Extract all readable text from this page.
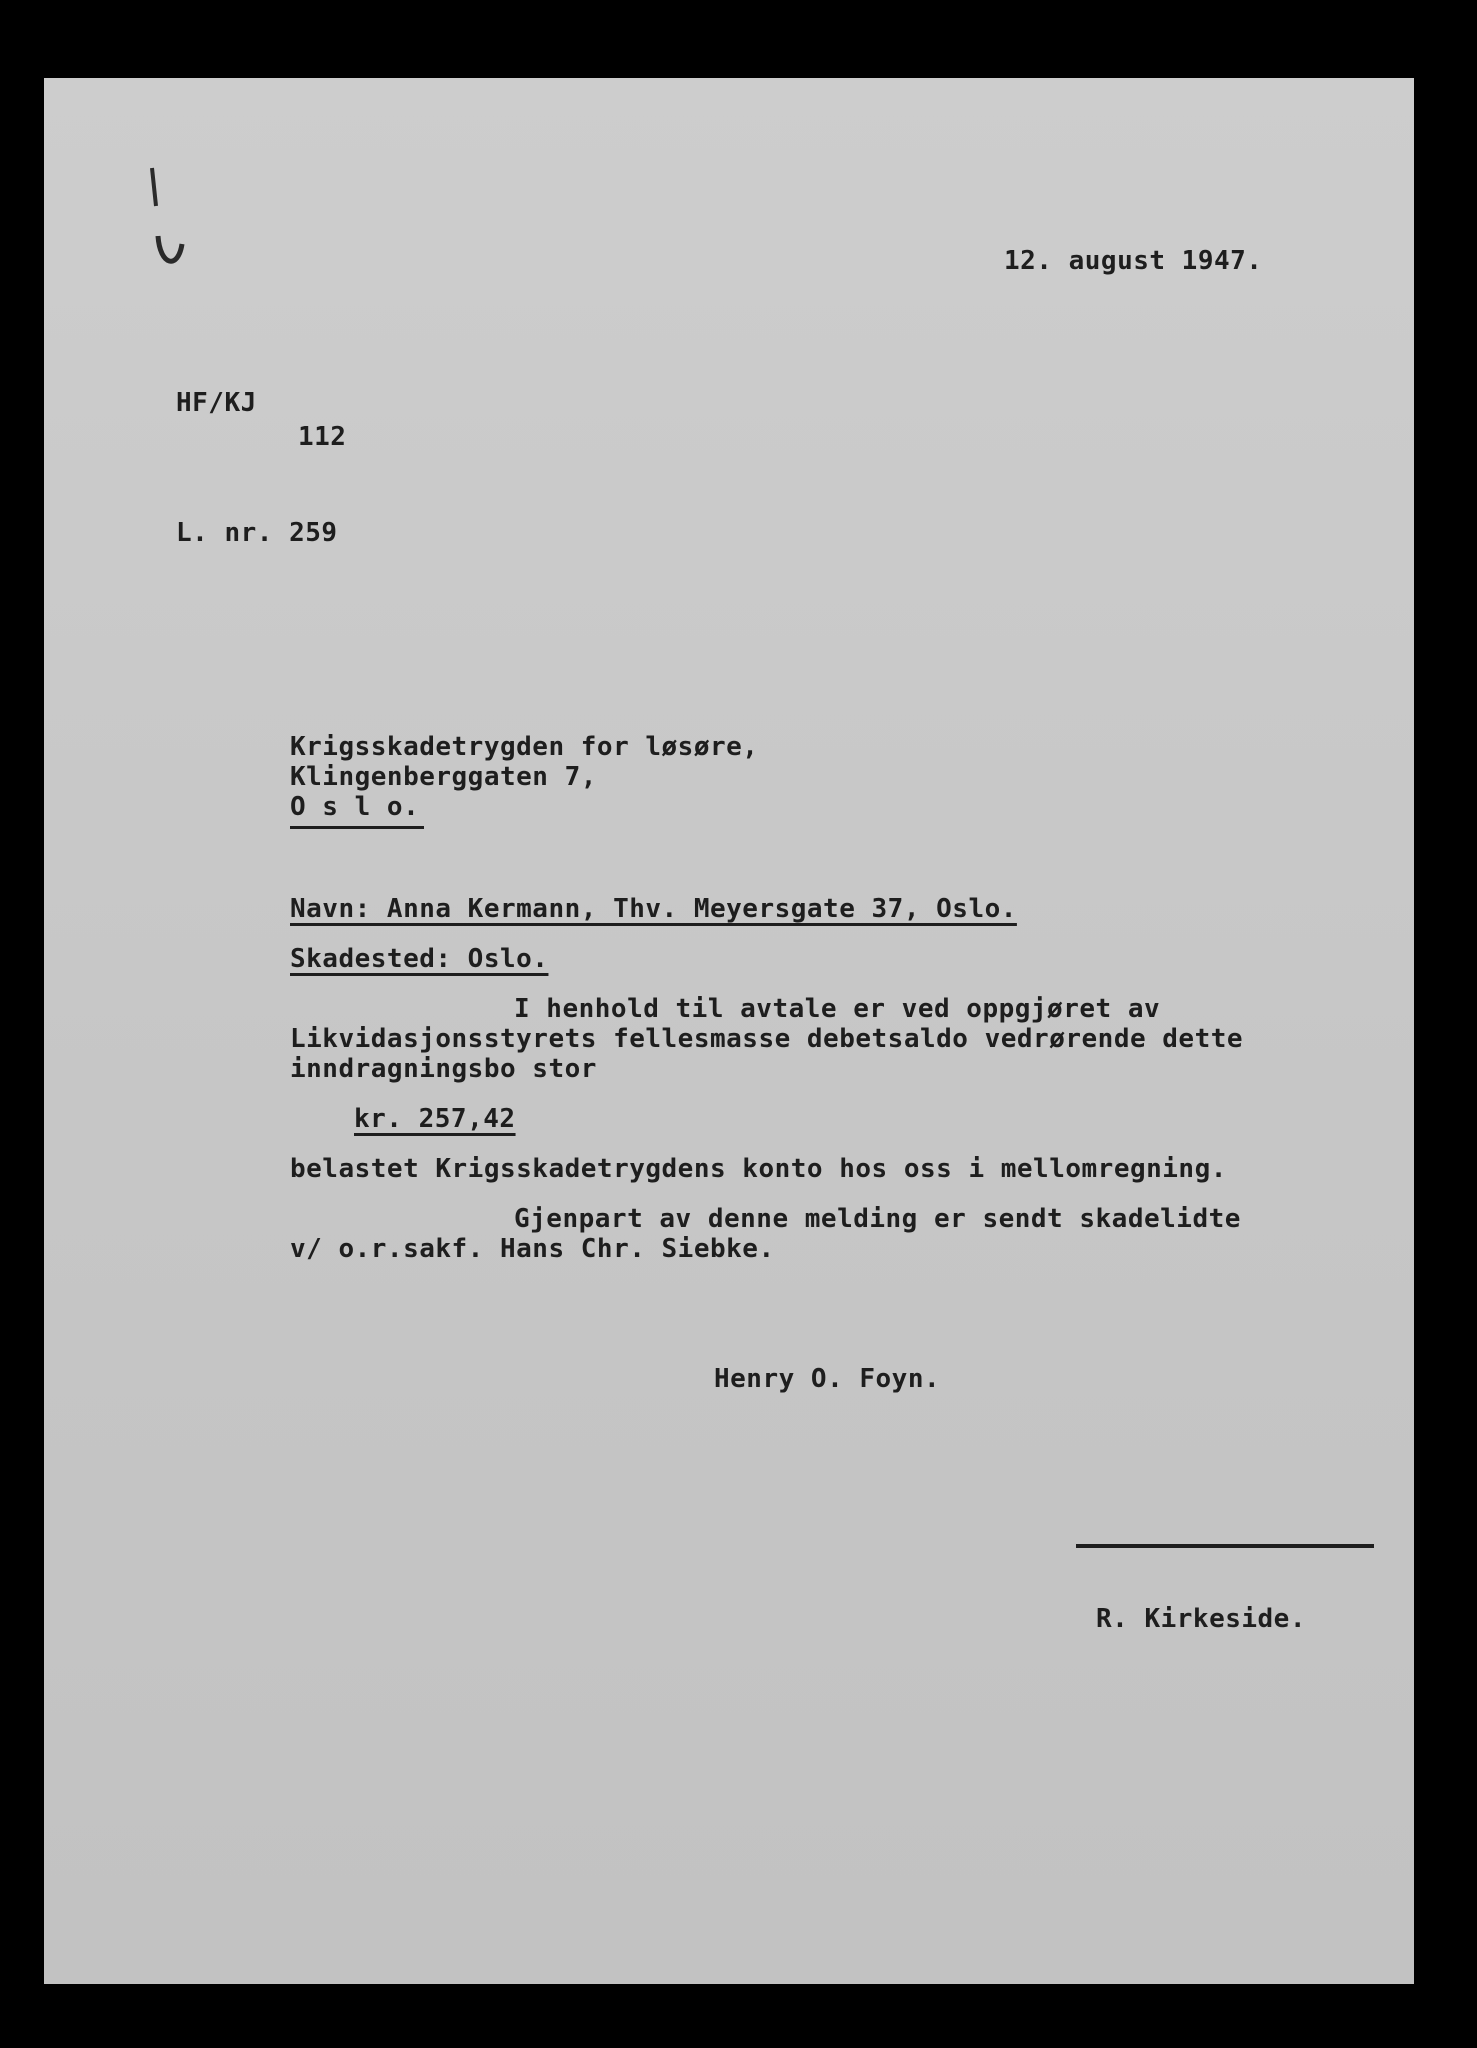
12. august 1947.
HF/KJ
112
L. nr. 259
Krigsskadetrygden for løsøre,
Klingenberggaten 7,
O s l o.
Navn: Anna Kermann, Thv. Meyersgate 37, Oslo.
Skadested: Oslo.
I henhold til avtale er ved oppgjøret av
Likvidasjonsstyrets fellesmasse debetsaldo vedrørende dette
inndragningsbo stor
kr. 257,42
belastet Krigsskadetrygdens konto hos oss i mellomregning.
Gjenpart av denne melding er sendt skadelidte
v/ o.r.sakf. Hans Chr. Siebke.
Henry O. Foyn.
R. Kirkeside.
